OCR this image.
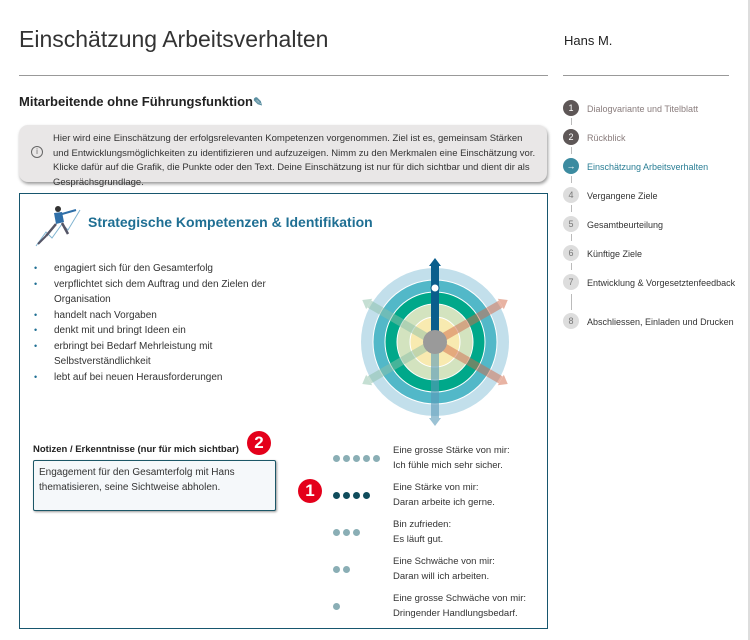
Einschätzung Arbeitsverhalten	Hans M.
Mitarbeitende ohne Führungsfunktion✎
i
Hier wird eine Einschätzung der erfolgsrelevanten Kompetenzen vorgenommen. Ziel ist es, gemeinsam Stärken und Entwicklungsmöglichkeiten zu identifizieren und aufzuzeigen. Nimm zu den Merkmalen eine Einschätzung vor. Klicke dafür auf die Grafik, die Punkte oder den Text. Deine Einschätzung ist nur für dich sichtbar und dient dir als Gesprächsgrundlage.
Strategische Kompetenzen & Identifikation
• engagiert sich für den Gesamterfolg
• verpflichtet sich dem Auftrag und den Zielen der Organisation
• handelt nach Vorgaben
• denkt mit und bringt Ideen ein
• erbringt bei Bedarf Mehrleistung mit Selbstverständlichkeit
• lebt auf bei neuen Herausforderungen
Notizen / Erkenntnisse (nur für mich sichtbar) 2
Engagement für den Gesamterfolg mit Hans thematisieren, seine Sichtweise abholen.	1
Eine grosse Stärke von mir:
Ich fühle mich sehr sicher.
Eine Stärke von mir:
Daran arbeite ich gerne.
Bin zufrieden:
Es läuft gut.
Eine Schwäche von mir:
Daran will ich arbeiten.
Eine grosse Schwäche von mir:
Dringender Handlungsbedarf.
1	Dialogvariante und Titelblatt
2	Rückblick
→	Einschätzung Arbeitsverhalten
4	Vergangene Ziele
5	Gesamtbeurteilung
6	Künftige Ziele
7	Entwicklung & Vorgesetztenfeedback
8	Abschliessen, Einladen und Drucken
